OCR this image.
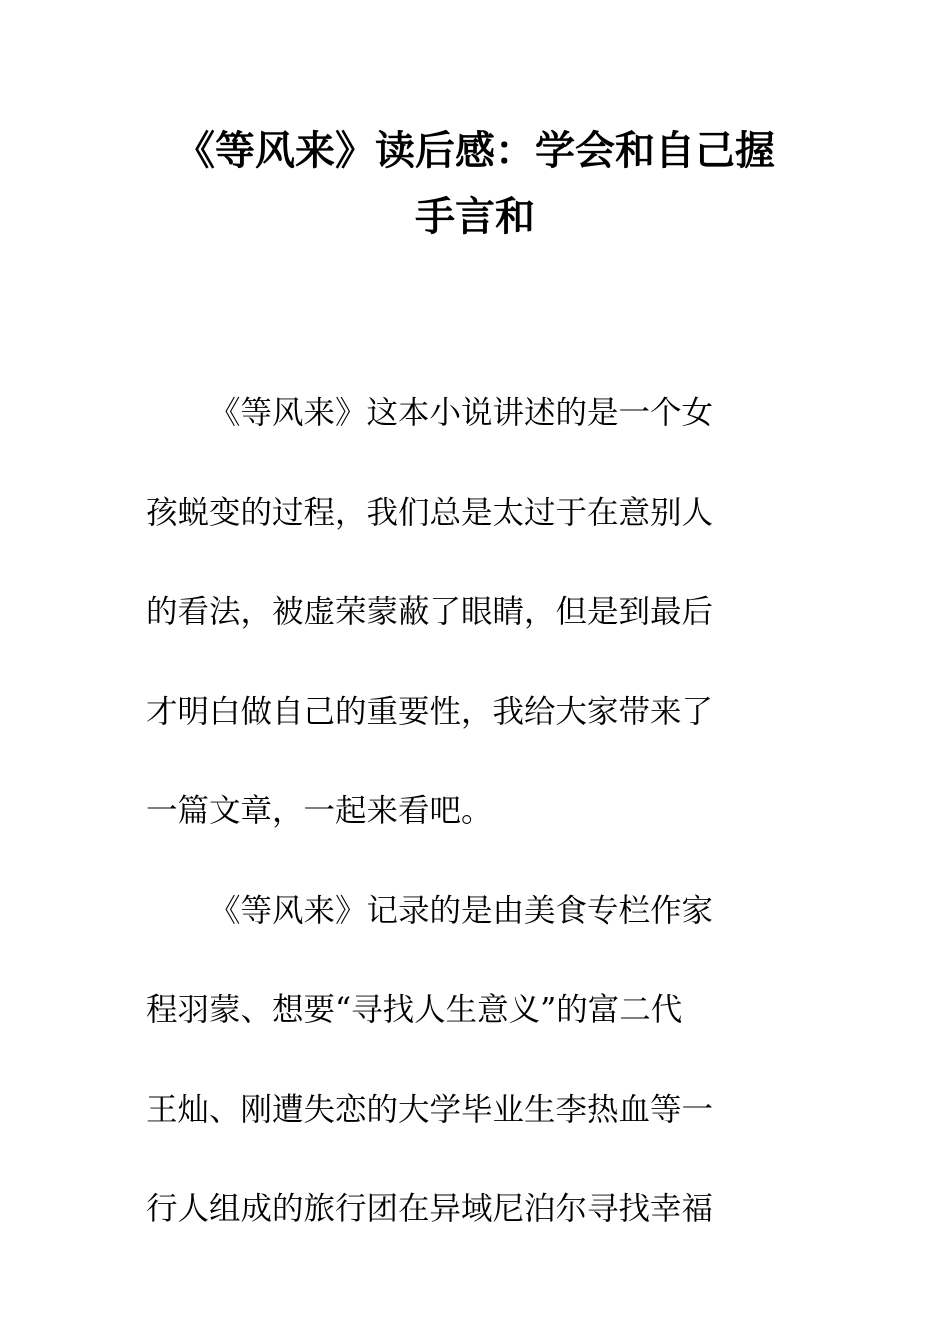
《等风来》读后感：学会和自己握
手言和

《等风来》这本小说讲述的是一个女
孩蜕变的过程，我们总是太过于在意别人
的看法，被虚荣蒙蔽了眼睛，但是到最后
才明白做自己的重要性，我给大家带来了
一篇文章，一起来看吧。

《等风来》记录的是由美食专栏作家
程羽蒙、想要“寻找人生意义”的富二代
王灿、刚遭失恋的大学毕业生李热血等一
行人组成的旅行团在异域尼泊尔寻找幸福
